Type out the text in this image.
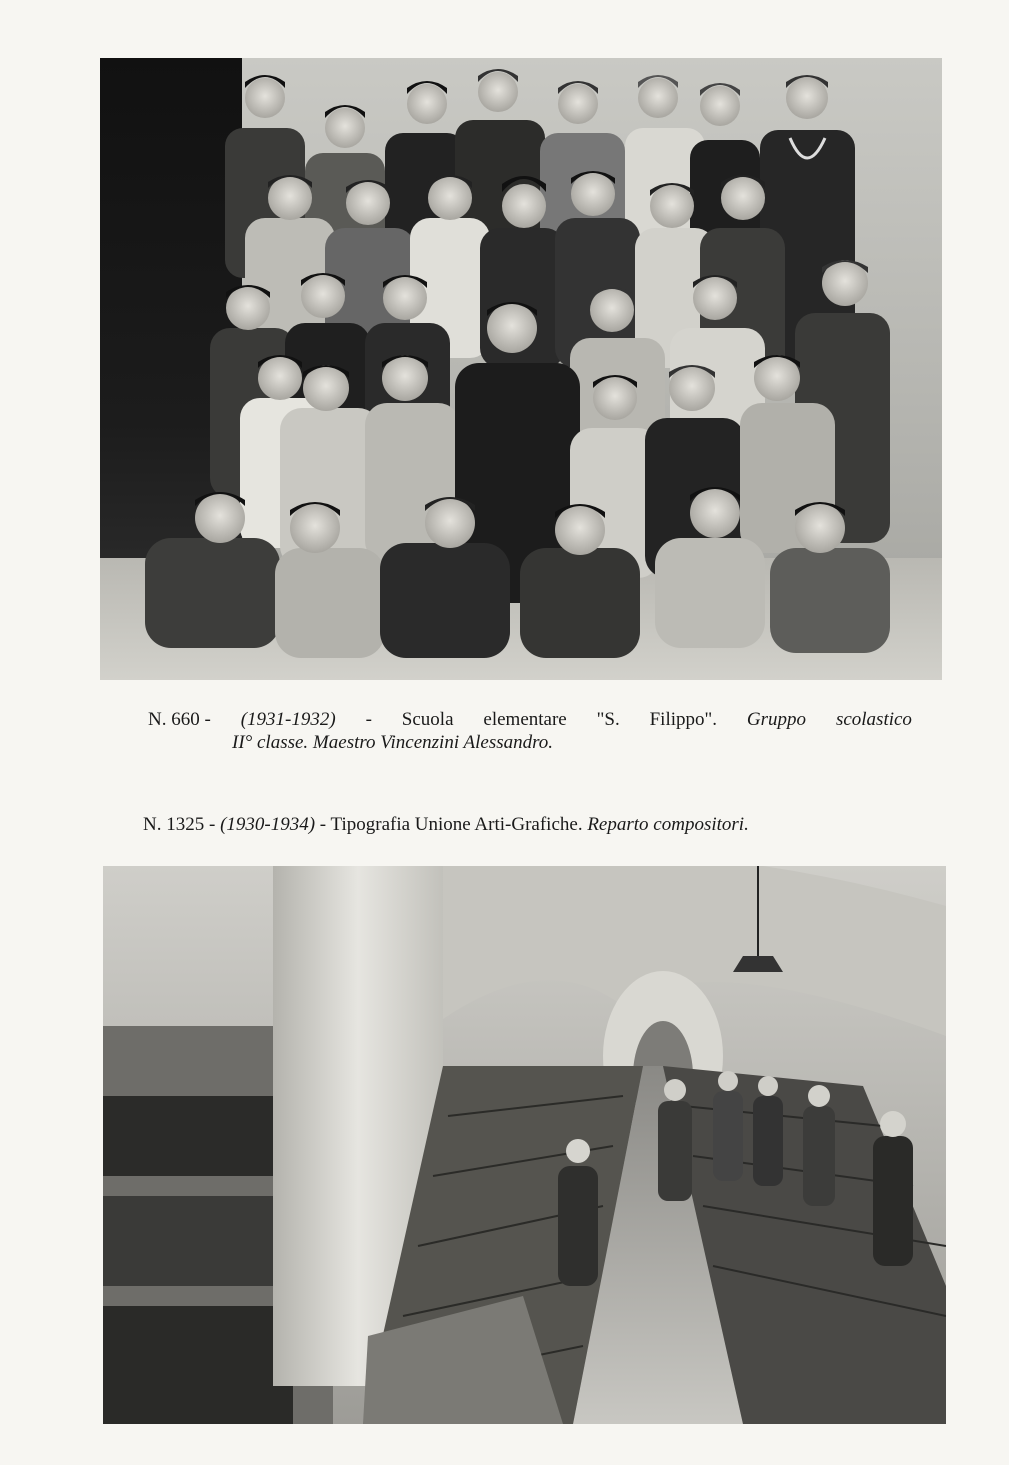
N. 660 - (1931-1932) - Scuola elementare "S. Filippo". Gruppo scolastico
II° classe. Maestro Vincenzini Alessandro.
N. 1325 - (1930-1934) - Tipografia Unione Arti-Grafiche. Reparto compositori.
